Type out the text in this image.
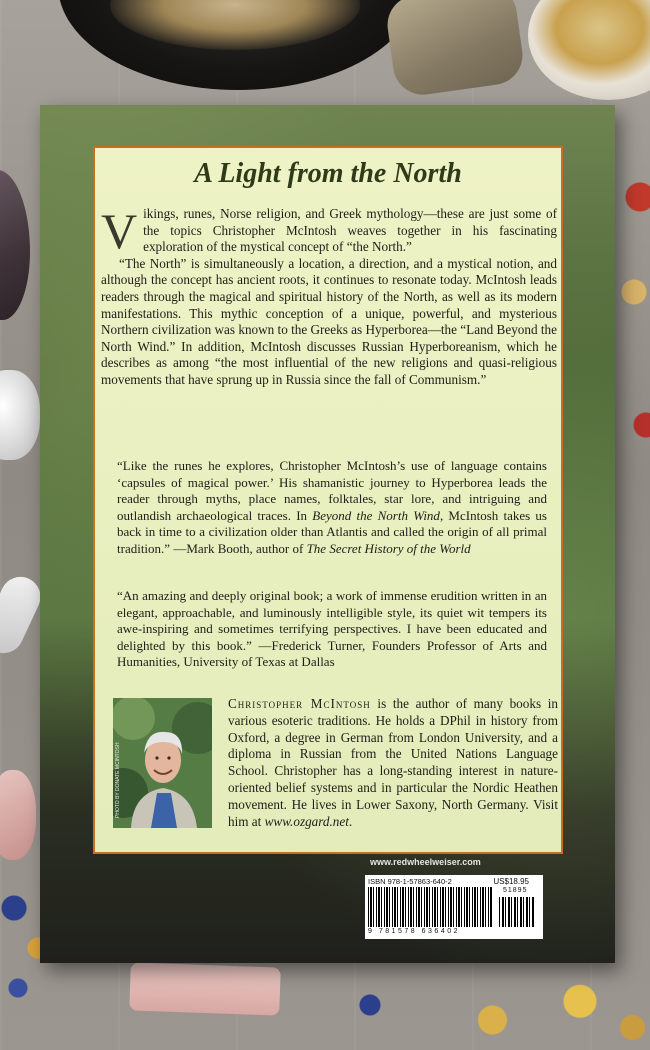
A Light from the North

Vikings, runes, Norse religion, and Greek mythology—these are just some of the topics Christopher McIntosh weaves together in his fascinating exploration of the mystical concept of “the North.”

“The North” is simultaneously a location, a direction, and a mystical notion, and although the concept has ancient roots, it continues to resonate today. McIntosh leads readers through the magical and spiritual history of the North, as well as its modern manifestations. This mythic conception of a unique, powerful, and mysterious Northern civilization was known to the Greeks as Hyperborea—the “Land Beyond the North Wind.” In addition, McIntosh discusses Russian Hyperboreanism, which he describes as among “the most influential of the new religions and quasi-religious movements that have sprung up in Russia since the fall of Communism.”

“Like the runes he explores, Christopher McIntosh’s use of language contains ‘capsules of magical power.’ His shamanistic journey to Hyperborea leads the reader through myths, place names, folktales, star lore, and intriguing and outlandish archaeological traces. In Beyond the North Wind, McIntosh takes us back in time to a civilization older than Atlantis and called the origin of all primal tradition.” —Mark Booth, author of The Secret History of the World
“An amazing and deeply original book; a work of immense erudition written in an elegant, approachable, and luminously intelligible style, its quiet wit tempers its awe-inspiring and sometimes terrifying perspectives. I have been educated and delighted by this book.” —Frederick Turner, Founders Professor of Arts and Humanities, University of Texas at Dallas
PHOTO BY DONATE MCINTOSH
Christopher McIntosh is the author of many books in various esoteric traditions. He holds a DPhil in history from Oxford, a degree in German from London University, and a diploma in Russian from the United Nations Language School. Christopher has a long-standing interest in nature-oriented belief systems and in particular the Nordic Heathen movement. He lives in Lower Saxony, North Germany. Visit him at www.ozgard.net.
www.redwheelweiser.com
ISBN 978-1-57863-640-2	US$18.95
51895
9 781578 636402
